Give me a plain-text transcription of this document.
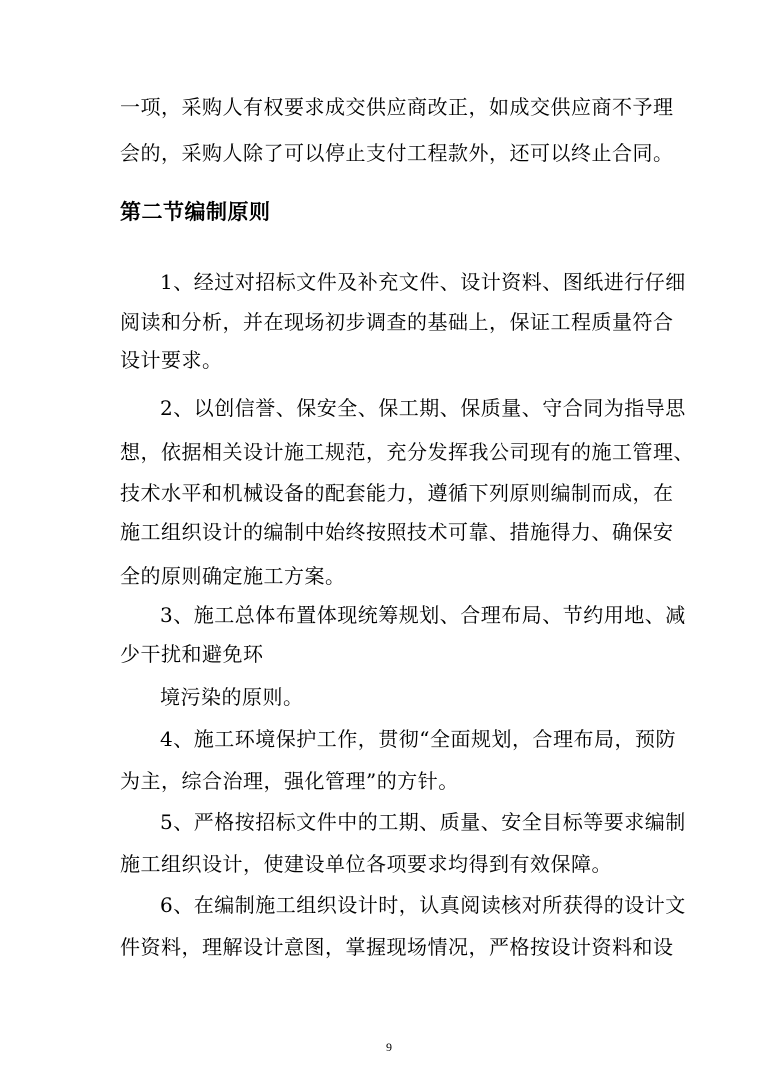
一项，采购人有权要求成交供应商改正，如成交供应商不予理
会的，采购人除了可以停止支付工程款外，还可以终止合同。
第二节编制原则
1、经过对招标文件及补充文件、设计资料、图纸进行仔细
阅读和分析，并在现场初步调查的基础上，保证工程质量符合
设计要求。
2、以创信誉、保安全、保工期、保质量、守合同为指导思
想，依据相关设计施工规范，充分发挥我公司现有的施工管理、
技术水平和机械设备的配套能力，遵循下列原则编制而成，在
施工组织设计的编制中始终按照技术可靠、措施得力、确保安
全的原则确定施工方案。
3、施工总体布置体现统筹规划、合理布局、节约用地、减
少干扰和避免环
境污染的原则。
4、施工环境保护工作，贯彻“全面规划，合理布局，预防
为主，综合治理，强化管理”的方针。
5、严格按招标文件中的工期、质量、安全目标等要求编制
施工组织设计，使建设单位各项要求均得到有效保障。
6、在编制施工组织设计时，认真阅读核对所获得的设计文
件资料，理解设计意图，掌握现场情况，严格按设计资料和设
9
